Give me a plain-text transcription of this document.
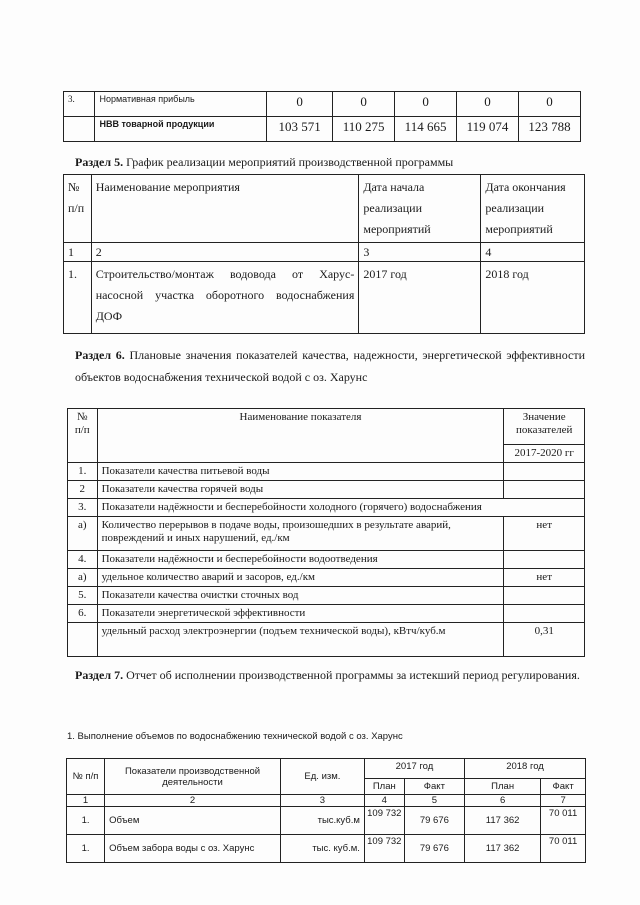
3.	Нормативная прибыль	0	0	0	0	0
	НВВ товарной продукции	103 571	110 275	114 665	119 074	123 788
Раздел 5. График реализации мероприятий производственной программы
№ п/п	Наименование мероприятия	Дата начала реализации мероприятий	Дата окончания реализации мероприятий
1	2	3	4
1.	Строительство/монтаж водовода от Харус-насосной участка оборотного водоснабжения ДОФ	2017 год	2018 год
Раздел 6. Плановые значения показателей качества, надежности, энергетической эффективности объектов водоснабжения технической водой с оз. Харунс
№ п/п	Наименование показателя	Значение показателей
		2017-2020 гг
1.	Показатели качества питьевой воды	
2	Показатели качества горячей воды	
3.	Показатели надёжности и бесперебойности холодного (горячего) водоснабжения	
а)	Количество перерывов в подаче воды, произошедших в результате аварий, повреждений и иных нарушений, ед./км	нет
4.	Показатели надёжности и бесперебойности водоотведения	
а)	удельное количество аварий и засоров, ед./км	нет
5.	Показатели качества очистки сточных вод	
6.	Показатели энергетической эффективности	
	удельный расход электроэнергии (подъем технической воды), кВтч/куб.м	0,31
Раздел 7. Отчет об исполнении производственной программы за истекший период регулирования.
1. Выполнение объемов по водоснабжению технической водой с оз. Харунс
№ п/п	Показатели производственной деятельности	Ед. изм.	2017 год		2018 год	
			План	Факт	План	Факт
1	2	3	4	5	6	7
1.	Объем	тыс.куб.м	109 732	79 676	117 362	70 011
1.	Объем забора воды с оз. Харунс	тыс. куб.м.	109 732	79 676	117 362	70 011
